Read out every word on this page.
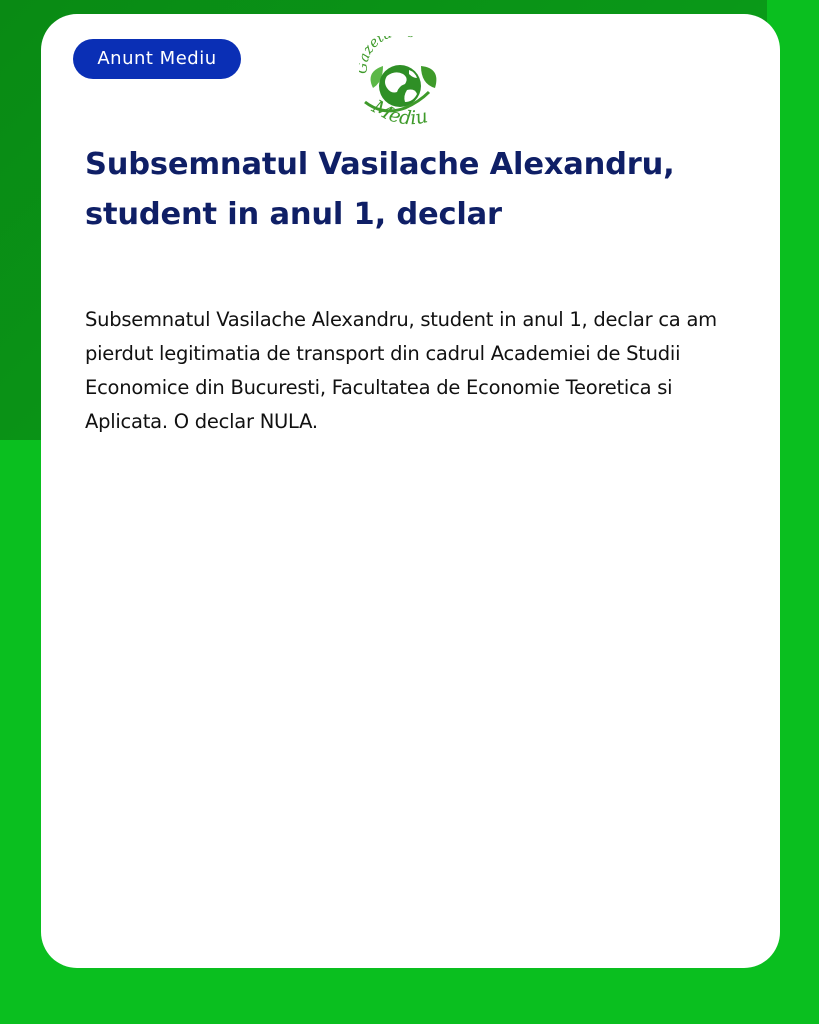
Anunt Mediu	zet
Mediu
Subsemnatul Vasilache Alexandru, student in anul 1, declar

Subsemnatul Vasilache Alexandru, student in anul 1, declar ca am pierdut legitimatia de transport din cadrul Academiei de Studii Economice din Bucuresti, Facultatea de Economie Teoretica si Aplicata. O declar NULA.
